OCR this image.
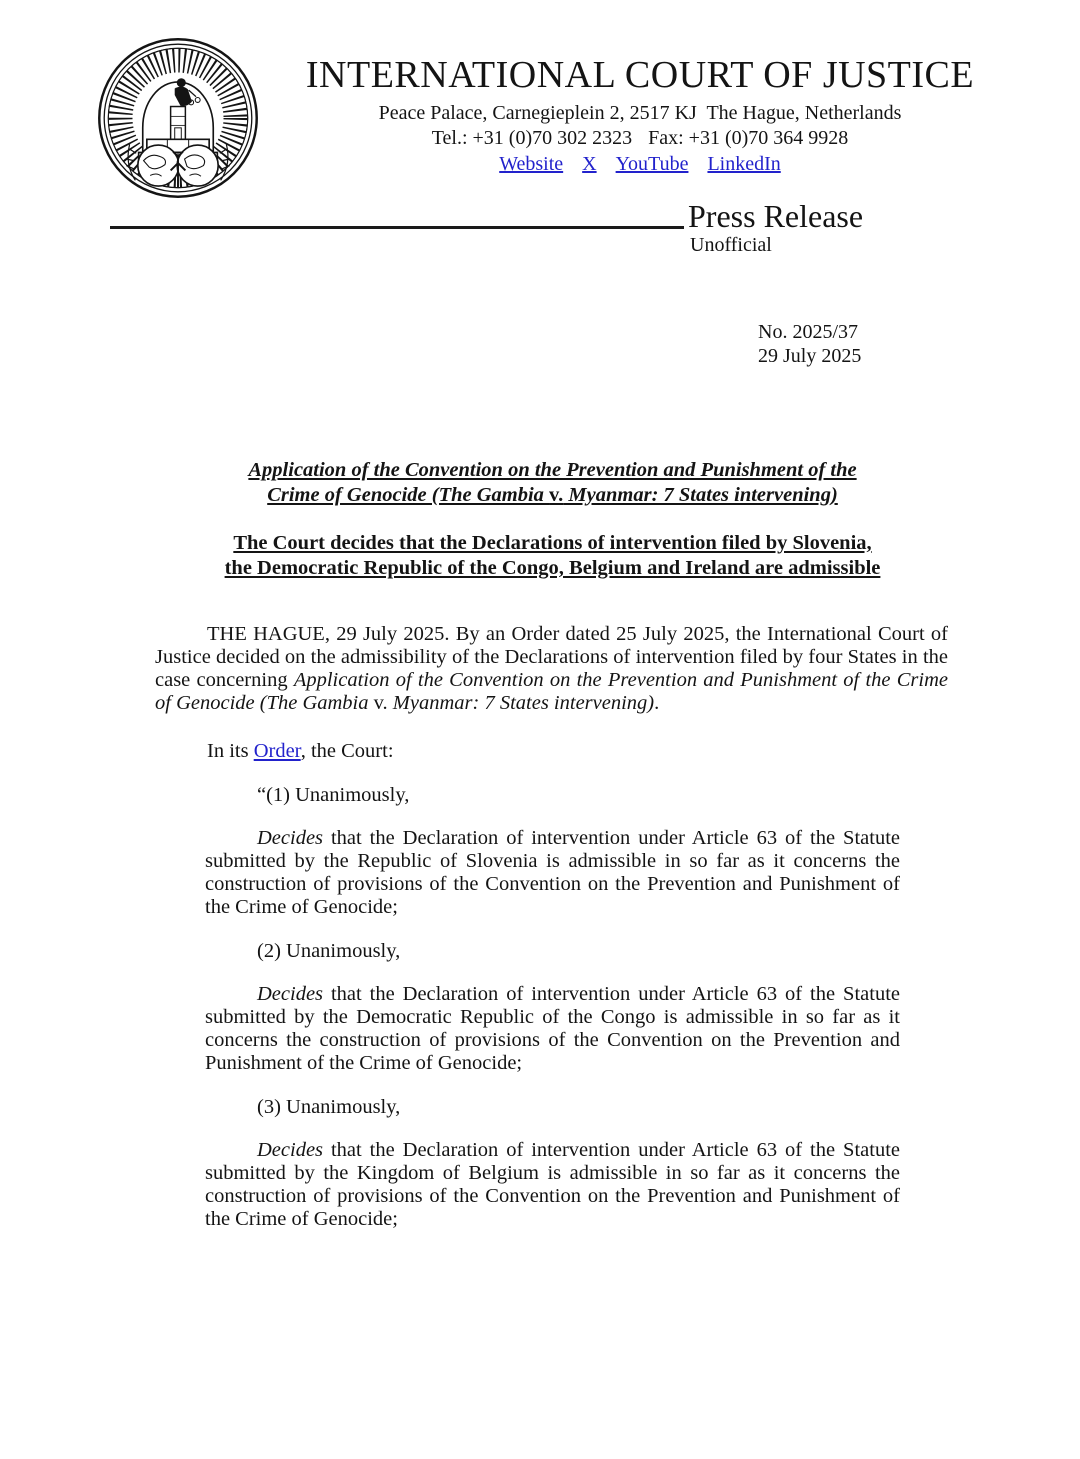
INTERNATIONAL COURT OF JUSTICE
Peace Palace, Carnegieplein 2, 2517 KJ  The Hague, Netherlands
Tel.: +31 (0)70 302 2323 Fax: +31 (0)70 364 9928
Website X YouTube LinkedIn
Press Release
Unofficial
No. 2025/37
29 July 2025
Application of the Convention on the Prevention and Punishment of the
Crime of Genocide (The Gambia v. Myanmar: 7 States intervening)
The Court decides that the Declarations of intervention filed by Slovenia,
the Democratic Republic of the Congo, Belgium and Ireland are admissible
THE HAGUE, 29 July 2025. By an Order dated 25 July 2025, the International Court of Justice decided on the admissibility of the Declarations of intervention filed by four States in the case concerning Application of the Convention on the Prevention and Punishment of the Crime of Genocide (The Gambia v. Myanmar: 7 States intervening).
In its Order, the Court:
“(1) Unanimously,
Decides that the Declaration of intervention under Article 63 of the Statute submitted by the Republic of Slovenia is admissible in so far as it concerns the construction of provisions of the Convention on the Prevention and Punishment of the Crime of Genocide;
(2) Unanimously,
Decides that the Declaration of intervention under Article 63 of the Statute submitted by the Democratic Republic of the Congo is admissible in so far as it concerns the construction of provisions of the Convention on the Prevention and Punishment of the Crime of Genocide;
(3) Unanimously,
Decides that the Declaration of intervention under Article 63 of the Statute submitted by the Kingdom of Belgium is admissible in so far as it concerns the construction of provisions of the Convention on the Prevention and Punishment of the Crime of Genocide;
